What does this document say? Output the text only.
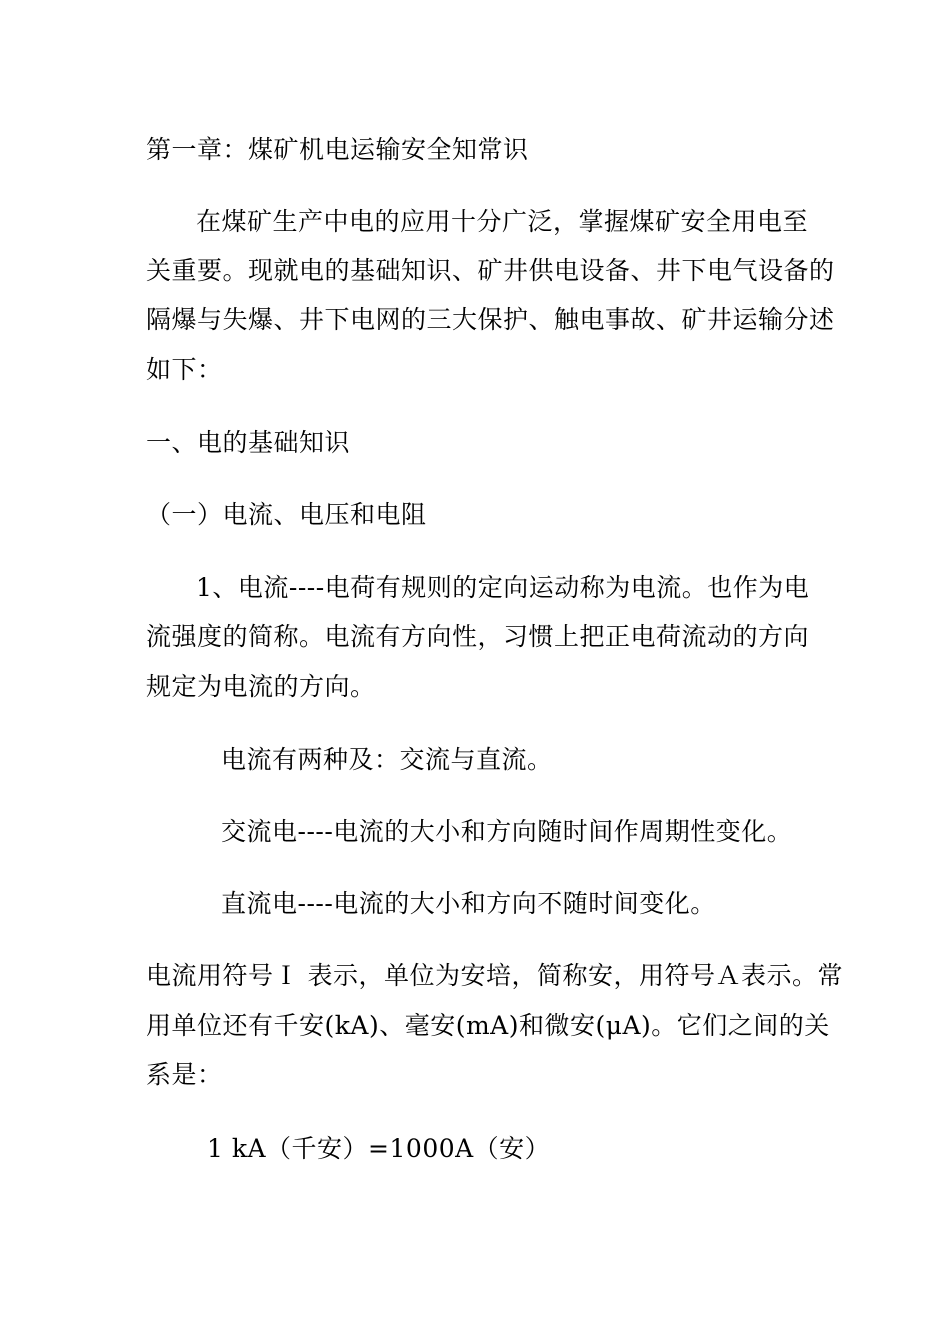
第一章：煤矿机电运输安全知常识
在煤矿生产中电的应用十分广泛，掌握煤矿安全用电至
关重要。现就电的基础知识、矿井供电设备、井下电气设备的
隔爆与失爆、井下电网的三大保护、触电事故、矿井运输分述
如下：
一、电的基础知识
（一）电流、电压和电阻
1、电流----电荷有规则的定向运动称为电流。也作为电
流强度的简称。电流有方向性，习惯上把正电荷流动的方向
规定为电流的方向。
电流有两种及：交流与直流。
交流电----电流的大小和方向随时间作周期性变化。
直流电----电流的大小和方向不随时间变化。
电流用符号Ｉ 表示，单位为安培，简称安，用符号Ａ表示。常
用单位还有千安(kA)、毫安(mA)和微安(μA)。它们之间的关
系是：
1 kA（千安）=1000A（安）
